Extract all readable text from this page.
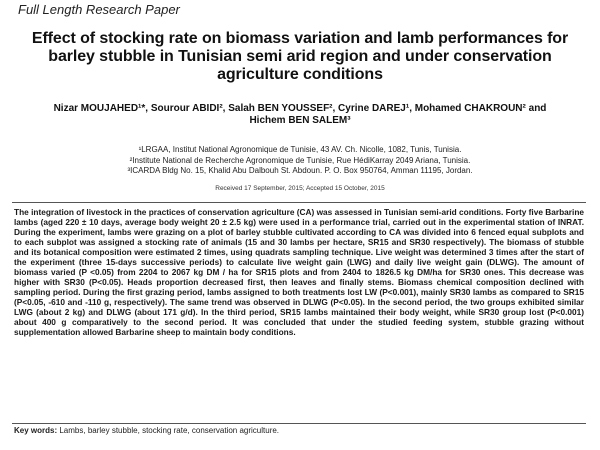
Full Length Research Paper
Effect of stocking rate on biomass variation and lamb performances for barley stubble in Tunisian semi arid region and under conservation agriculture conditions
Nizar MOUJAHED¹*, Sourour ABIDI², Salah BEN YOUSSEF², Cyrine DAREJ¹, Mohamed CHAKROUN² and Hichem BEN SALEM³
¹LRGAA, Institut National Agronomique de Tunisie, 43 AV. Ch. Nicolle, 1082, Tunis, Tunisia.
²Institute National de Recherche Agronomique de Tunisie, Rue HédiKarray 2049 Ariana, Tunisia.
³ICARDA Bldg No. 15, Khalid Abu Dalbouh St. Abdoun. P. O. Box 950764, Amman 11195, Jordan.
Received 17 September, 2015; Accepted 15 October, 2015

The integration of livestock in the practices of conservation agriculture (CA) was assessed in Tunisian semi-arid conditions. Forty five Barbarine lambs (aged 220 ± 10 days, average body weight 20 ± 2.5 kg) were used in a performance trial, carried out in the experimental station of INRAT. During the experiment, lambs were grazing on a plot of barley stubble cultivated according to CA was divided into 6 fenced equal subplots and to each subplot was assigned a stocking rate of animals (15 and 30 lambs per hectare, SR15 and SR30 respectively). The biomass of stubble and its botanical composition were estimated 2 times, using quadrats sampling technique. Live weight was determined 3 times after the start of the experiment (three 15-days successive periods) to calculate live weight gain (LWG) and daily live weight gain (DLWG). The amount of biomass varied (P <0.05) from 2204 to 2067 kg DM / ha for SR15 plots and from 2404 to 1826.5 kg DM/ha for SR30 ones. This decrease was higher with SR30 (P<0.05). Heads proportion decreased first, then leaves and finally stems. Biomass chemical composition declined with sampling period. During the first grazing period, lambs assigned to both treatments lost LW (P<0.001), mainly SR30 lambs as compared to SR15 (P<0.05, -610 and -110 g, respectively). The same trend was observed in DLWG (P<0.05). In the second period, the two groups exhibited similar LWG (about 2 kg) and DLWG (about 171 g/d). In the third period, SR15 lambs maintained their body weight, while SR30 group lost (P<0.001) about 400 g comparatively to the second period. It was concluded that under the studied feeding system, stubble grazing without supplementation allowed Barbarine sheep to maintain body conditions.

Key words: Lambs, barley stubble, stocking rate, conservation agriculture.
